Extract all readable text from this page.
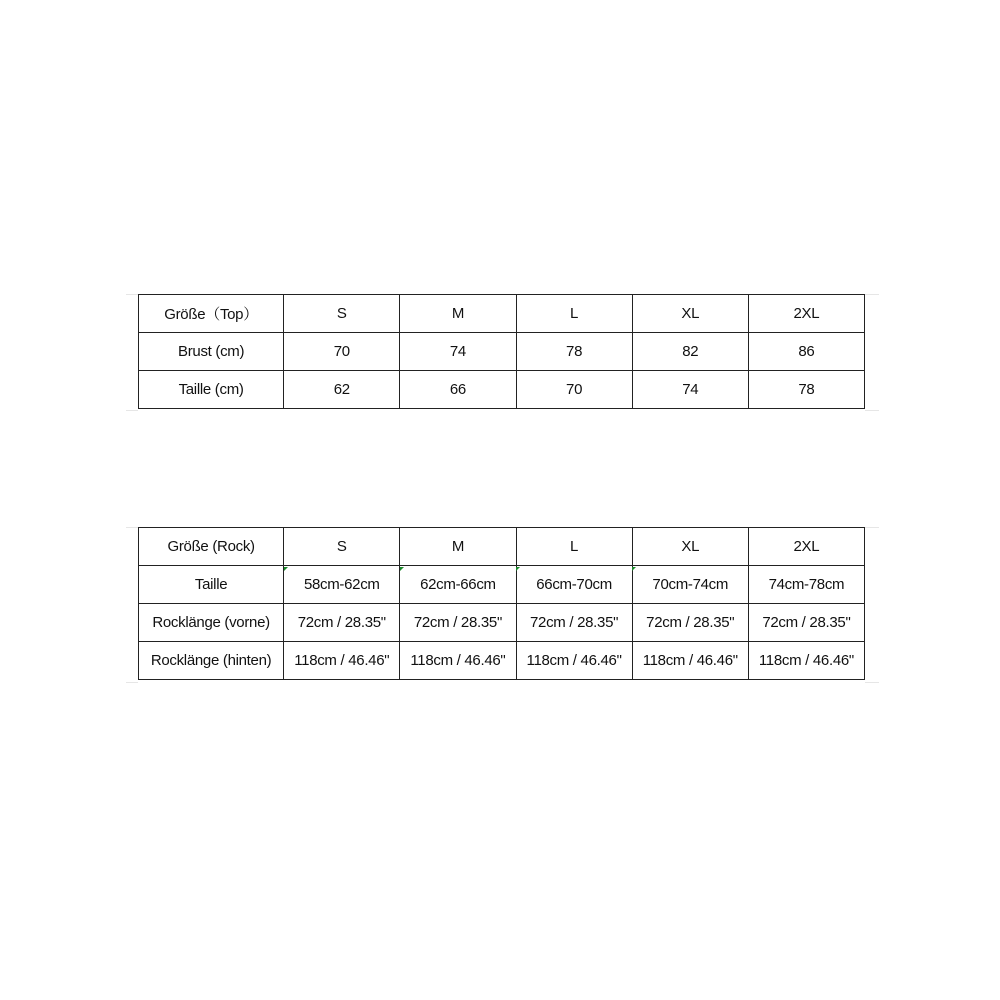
Größe（Top）	S	M	L	XL	2XL
Brust (cm)	70	74	78	82	86
Taille (cm)	62	66	70	74	78
Größe (Rock)	S	M	L	XL	2XL
Taille	58cm-62cm	62cm-66cm	66cm-70cm	70cm-74cm	74cm-78cm
Rocklänge (vorne)	72cm / 28.35"	72cm / 28.35"	72cm / 28.35"	72cm / 28.35"	72cm / 28.35"
Rocklänge (hinten)	118cm / 46.46"	118cm / 46.46"	118cm / 46.46"	118cm / 46.46"	118cm / 46.46"
